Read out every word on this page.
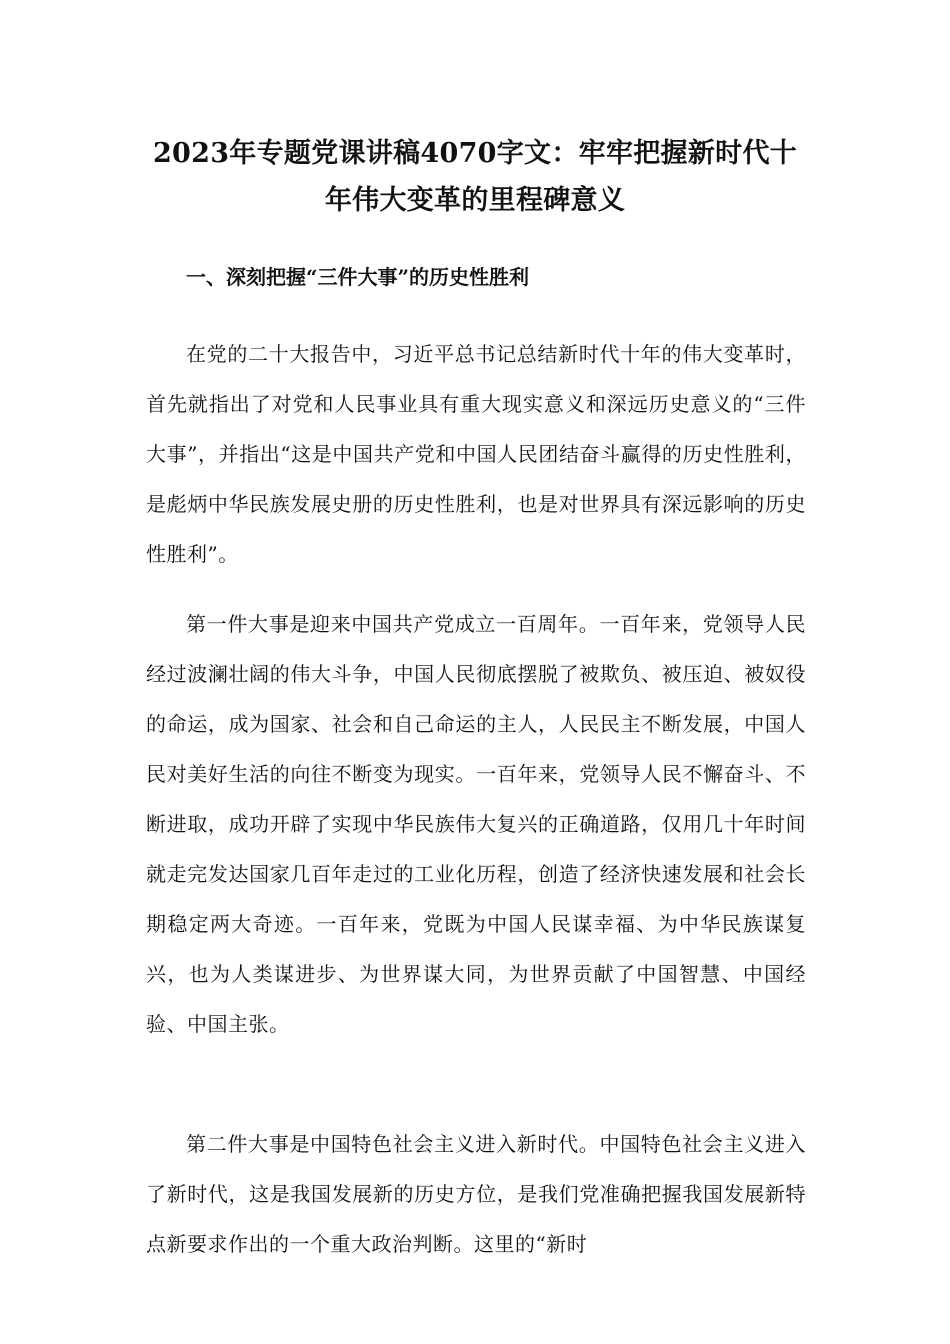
2023年专题党课讲稿4070字文：牢牢把握新时代十年伟大变革的里程碑意义
一、深刻把握“三件大事”的历史性胜利

在党的二十大报告中，习近平总书记总结新时代十年的伟大变革时，首先就指出了对党和人民事业具有重大现实意义和深远历史意义的“三件大事”，并指出“这是中国共产党和中国人民团结奋斗赢得的历史性胜利，是彪炳中华民族发展史册的历史性胜利，也是对世界具有深远影响的历史性胜利”。

第一件大事是迎来中国共产党成立一百周年。一百年来，党领导人民经过波澜壮阔的伟大斗争，中国人民彻底摆脱了被欺负、被压迫、被奴役的命运，成为国家、社会和自己命运的主人，人民民主不断发展，中国人民对美好生活的向往不断变为现实。一百年来，党领导人民不懈奋斗、不断进取，成功开辟了实现中华民族伟大复兴的正确道路，仅用几十年时间就走完发达国家几百年走过的工业化历程，创造了经济快速发展和社会长期稳定两大奇迹。一百年来，党既为中国人民谋幸福、为中华民族谋复兴，也为人类谋进步、为世界谋大同，为世界贡献了中国智慧、中国经验、中国主张。

第二件大事是中国特色社会主义进入新时代。中国特色社会主义进入了新时代，这是我国发展新的历史方位，是我们党准确把握我国发展新特点新要求作出的一个重大政治判断。这里的“新时
